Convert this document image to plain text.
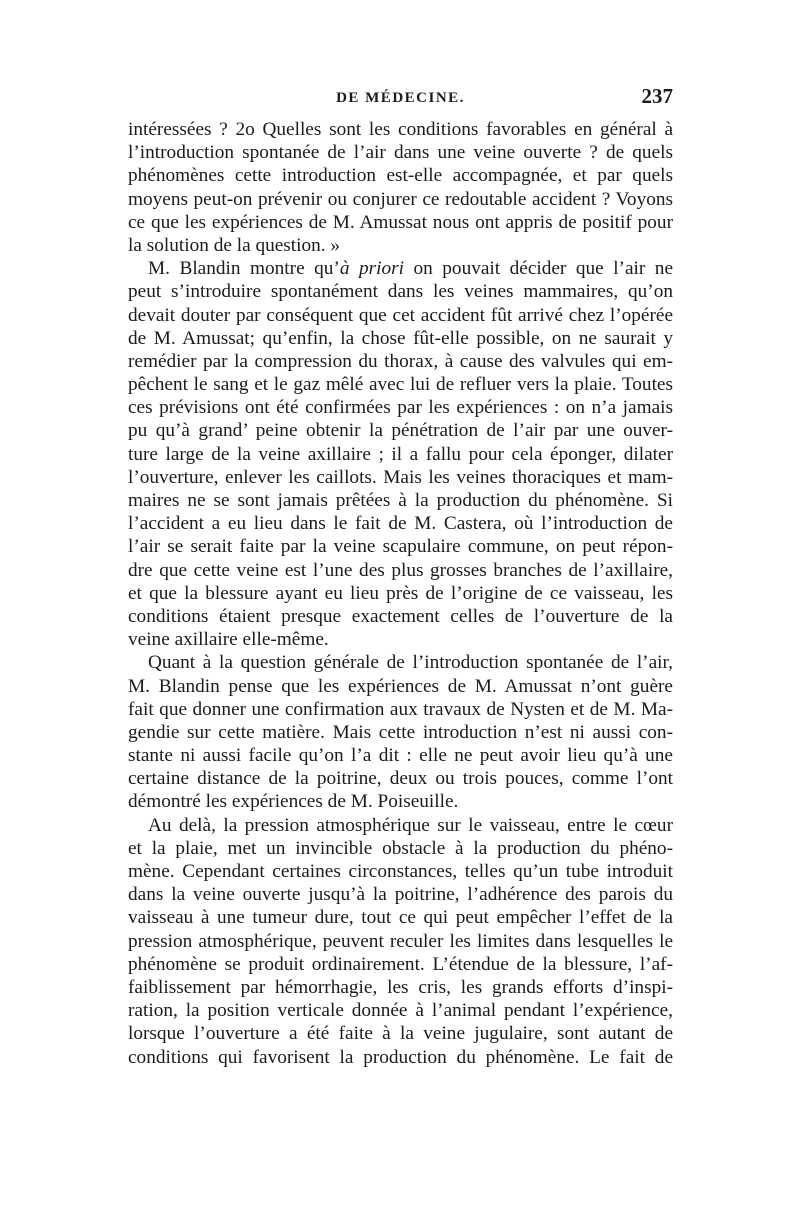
DE MÉDECINE.	237
intéressées ? 2o Quelles sont les conditions favorables en général à
l’introduction spontanée de l’air dans une veine ouverte ? de quels
phénomènes cette introduction est-elle accompagnée, et par quels
moyens peut-on prévenir ou conjurer ce redoutable accident ? Voyons
ce que les expériences de M. Amussat nous ont appris de positif pour
la solution de la question. »
M. Blandin montre qu’à priori on pouvait décider que l’air ne
peut s’introduire spontanément dans les veines mammaires, qu’on
devait douter par conséquent que cet accident fût arrivé chez l’opérée
de M. Amussat; qu’enfin, la chose fût-elle possible, on ne saurait y
remédier par la compression du thorax, à cause des valvules qui em-
pêchent le sang et le gaz mêlé avec lui de refluer vers la plaie. Toutes
ces prévisions ont été confirmées par les expériences : on n’a jamais
pu qu’à grand’ peine obtenir la pénétration de l’air par une ouver-
ture large de la veine axillaire ; il a fallu pour cela éponger, dilater
l’ouverture, enlever les caillots. Mais les veines thoraciques et mam-
maires ne se sont jamais prêtées à la production du phénomène. Si
l’accident a eu lieu dans le fait de M. Castera, où l’introduction de
l’air se serait faite par la veine scapulaire commune, on peut répon-
dre que cette veine est l’une des plus grosses branches de l’axillaire,
et que la blessure ayant eu lieu près de l’origine de ce vaisseau, les
conditions étaient presque exactement celles de l’ouverture de la
veine axillaire elle-même.
Quant à la question générale de l’introduction spontanée de l’air,
M. Blandin pense que les expériences de M. Amussat n’ont guère
fait que donner une confirmation aux travaux de Nysten et de M. Ma-
gendie sur cette matière. Mais cette introduction n’est ni aussi con-
stante ni aussi facile qu’on l’a dit : elle ne peut avoir lieu qu’à une
certaine distance de la poitrine, deux ou trois pouces, comme l’ont
démontré les expériences de M. Poiseuille.
Au delà, la pression atmosphérique sur le vaisseau, entre le cœur
et la plaie, met un invincible obstacle à la production du phéno-
mène. Cependant certaines circonstances, telles qu’un tube introduit
dans la veine ouverte jusqu’à la poitrine, l’adhérence des parois du
vaisseau à une tumeur dure, tout ce qui peut empêcher l’effet de la
pression atmosphérique, peuvent reculer les limites dans lesquelles le
phénomène se produit ordinairement. L’étendue de la blessure, l’af-
faiblissement par hémorrhagie, les cris, les grands efforts d’inspi-
ration, la position verticale donnée à l’animal pendant l’expérience,
lorsque l’ouverture a été faite à la veine jugulaire, sont autant de
conditions qui favorisent la production du phénomène. Le fait de
